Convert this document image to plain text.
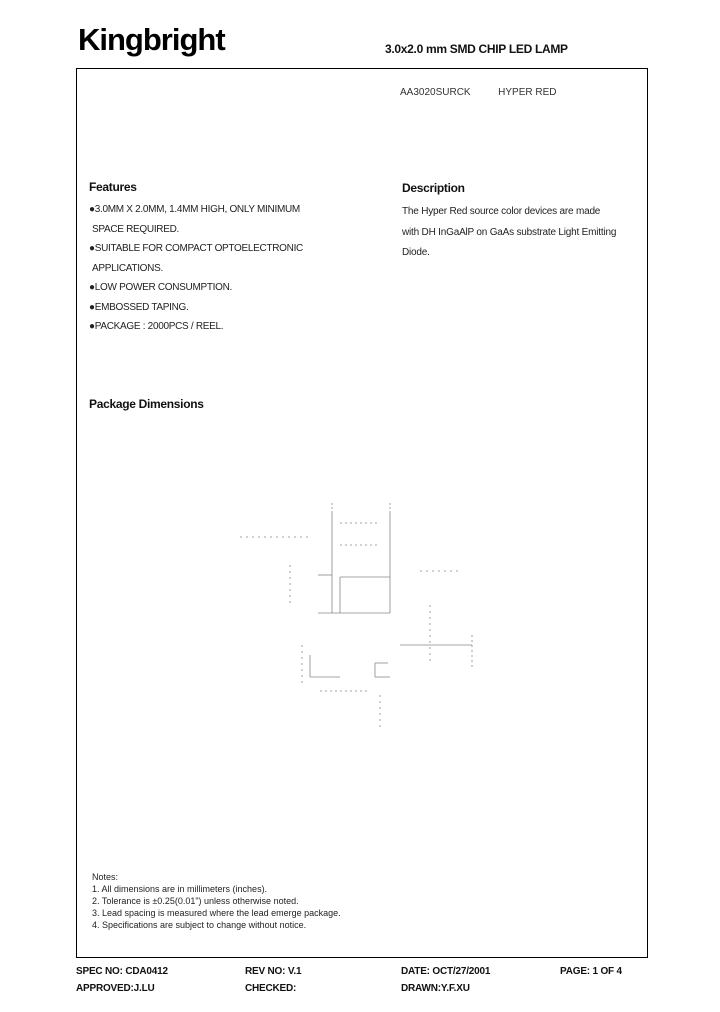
Kingbright	3.0x2.0 mm SMD CHIP LED LAMP
AA3020SURCK	HYPER RED
Features
●3.0MM X 2.0MM, 1.4MM HIGH, ONLY MINIMUM
SPACE REQUIRED.
●SUITABLE FOR COMPACT OPTOELECTRONIC
APPLICATIONS.
●LOW POWER CONSUMPTION.
●EMBOSSED TAPING.
●PACKAGE : 2000PCS / REEL.
Description
The Hyper Red source color devices are made
with DH InGaAlP on GaAs substrate Light Emitting
Diode.
Package Dimensions
Notes:
1. All dimensions are in millimeters (inches).
2. Tolerance is ±0.25(0.01") unless otherwise noted.
3. Lead spacing is measured where the lead emerge package.
4. Specifications are subject to change without notice.
SPEC NO: CDA0412	REV NO: V.1	DATE: OCT/27/2001	PAGE: 1 OF 4
APPROVED:J.LU	CHECKED:	DRAWN:Y.F.XU
